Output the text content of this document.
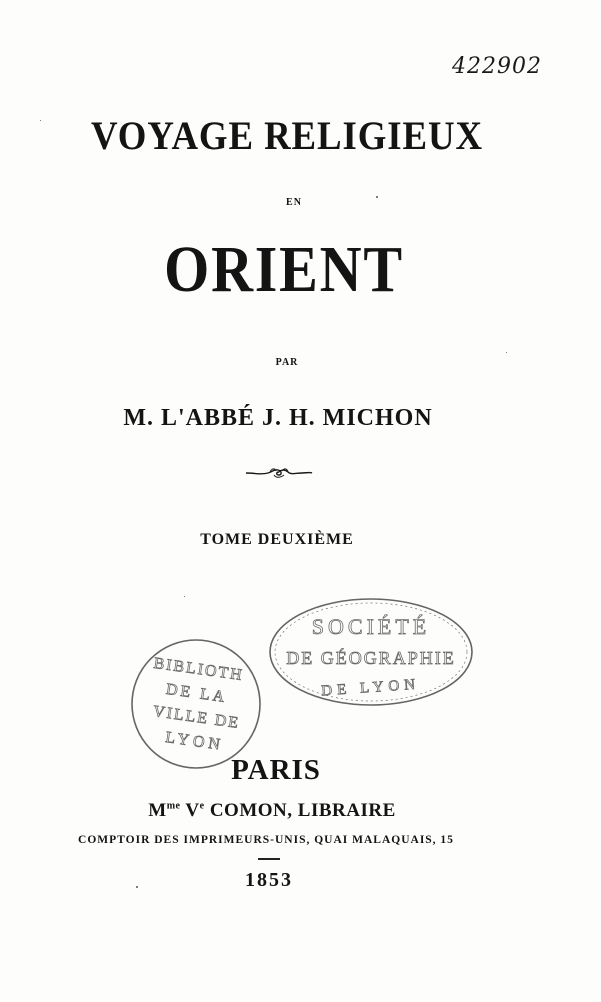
422902
VOYAGE RELIGIEUX
EN
ORIENT
PAR
M. L'ABBÉ J. H. MICHON
TOME DEUXIÈME
SOCIÉTÉ
DE GÉOGRAPHIE
DE LYON
BIBLIOTH
DE LA
VILLE DE
LYON
PARIS
$M^{me}$ Ve COMON, LIBRAIRE
COMPTOIR DES IMPRIMEURS-UNIS, QUAI MALAQUAIS, 15
1853
